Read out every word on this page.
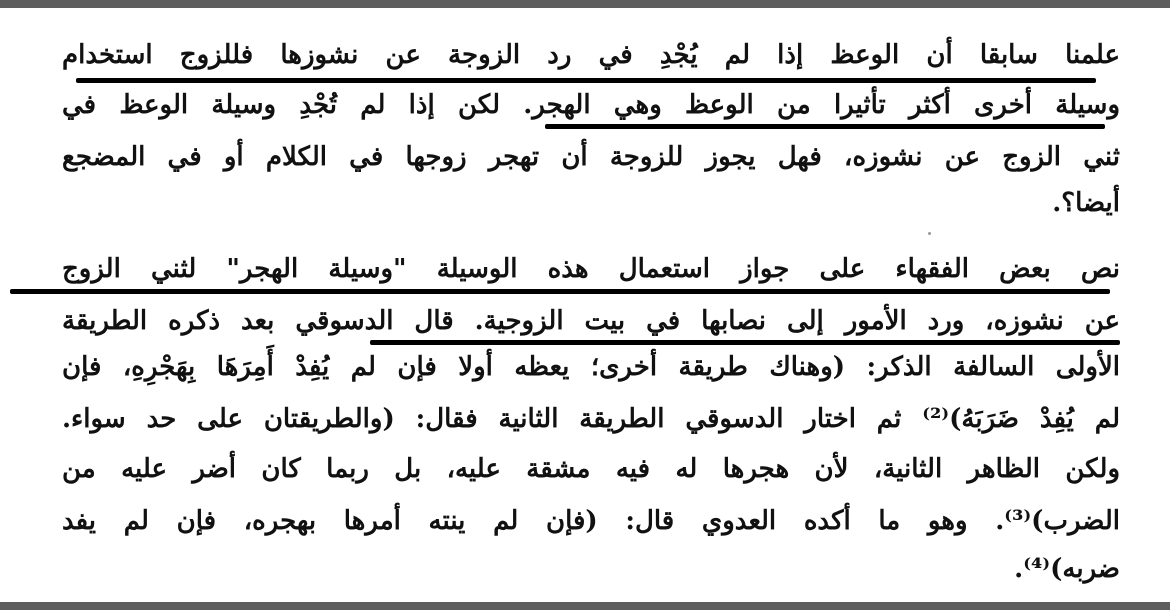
علمنا سابقا أن الوعظ إذا لم يُجْدِ في رد الزوجة عن نشوزها فللزوج استخدام
وسيلة أخرى أكثر تأثيرا من الوعظ وهي الهجر. لكن إذا لم تُجْدِ وسيلة الوعظ في
ثني الزوج عن نشوزه، فهل يجوز للزوجة أن تهجر زوجها في الكلام أو في المضجع
أيضا؟.
نص بعض الفقهاء على جواز استعمال هذه الوسيلة "وسيلة الهجر" لثني الزوج
عن نشوزه، ورد الأمور إلى نصابها في بيت الزوجية. قال الدسوقي بعد ذكره الطريقة
الأولى السالفة الذكر: (وهناك طريقة أخرى؛ يعظه أولا فإن لم يُفِدْ أَمِرَهَا بِهَجْرِهِ، فإن
لم يُفِدْ ضَرَبَهُ)⁽²⁾ ثم اختار الدسوقي الطريقة الثانية فقال: (والطريقتان على حد سواء.
ولكن الظاهر الثانية، لأن هجرها له فيه مشقة عليه، بل ربما كان أضر عليه من
الضرب)⁽³⁾. وهو ما أكده العدوي قال: (فإن لم ينته أمرها بهجره، فإن لم يفد
ضربه)⁽⁴⁾.
